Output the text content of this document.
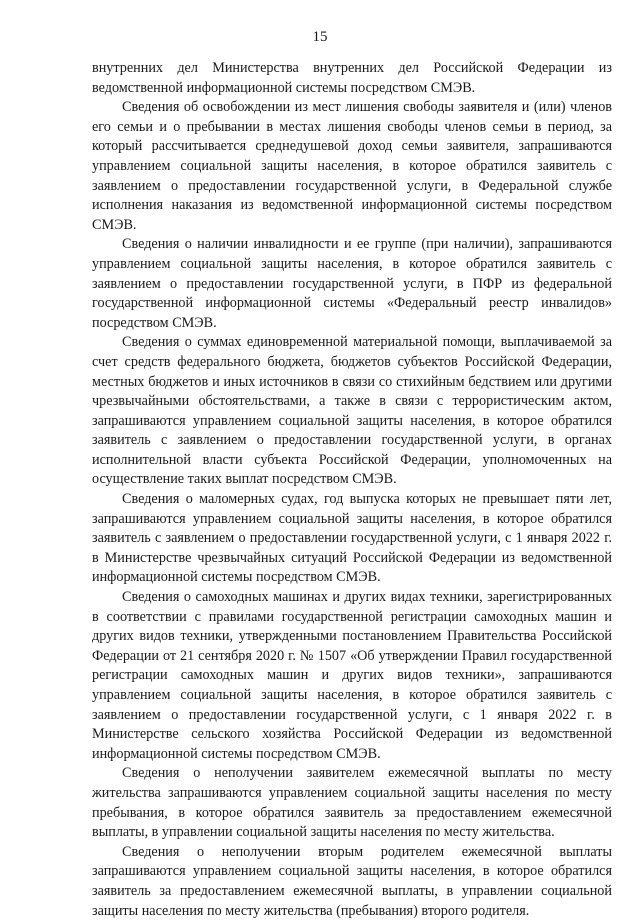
15

внутренних дел Министерства внутренних дел Российской Федерации из ведомственной информационной системы посредством СМЭВ.

Сведения об освобождении из мест лишения свободы заявителя и (или) членов его семьи и о пребывании в местах лишения свободы членов семьи в период, за который рассчитывается среднедушевой доход семьи заявителя, запрашиваются управлением социальной защиты населения, в которое обратился заявитель с заявлением о предоставлении государственной услуги, в Федеральной службе исполнения наказания из ведомственной информационной системы посредством СМЭВ.

Сведения о наличии инвалидности и ее группе (при наличии), запрашиваются управлением социальной защиты населения, в которое обратился заявитель с заявлением о предоставлении государственной услуги, в ПФР из федеральной государственной информационной системы «Федеральный реестр инвалидов» посредством СМЭВ.

Сведения о суммах единовременной материальной помощи, выплачиваемой за счет средств федерального бюджета, бюджетов субъектов Российской Федерации, местных бюджетов и иных источников в связи со стихийным бедствием или другими чрезвычайными обстоятельствами, а также в связи с террористическим актом, запрашиваются управлением социальной защиты населения, в которое обратился заявитель с заявлением о предоставлении государственной услуги, в органах исполнительной власти субъекта Российской Федерации, уполномоченных на осуществление таких выплат посредством СМЭВ.

Сведения о маломерных судах, год выпуска которых не превышает пяти лет, запрашиваются управлением социальной защиты населения, в которое обратился заявитель с заявлением о предоставлении государственной услуги, с 1 января 2022 г. в Министерстве чрезвычайных ситуаций Российской Федерации из ведомственной информационной системы посредством СМЭВ.

Сведения о самоходных машинах и других видах техники, зарегистрированных в соответствии с правилами государственной регистрации самоходных машин и других видов техники, утвержденными постановлением Правительства Российской Федерации от 21 сентября 2020 г. № 1507 «Об утверждении Правил государственной регистрации самоходных машин и других видов техники», запрашиваются управлением социальной защиты населения, в которое обратился заявитель с заявлением о предоставлении государственной услуги, с 1 января 2022 г. в Министерстве сельского хозяйства Российской Федерации из ведомственной информационной системы посредством СМЭВ.

Сведения о неполучении заявителем ежемесячной выплаты по месту жительства запрашиваются управлением социальной защиты населения по месту пребывания, в которое обратился заявитель за предоставлением ежемесячной выплаты, в управлении социальной защиты населения по месту жительства.

Сведения о неполучении вторым родителем ежемесячной выплаты запрашиваются управлением социальной защиты населения, в которое обратился заявитель за предоставлением ежемесячной выплаты, в управлении социальной защиты населения по месту жительства (пребывания) второго родителя.
